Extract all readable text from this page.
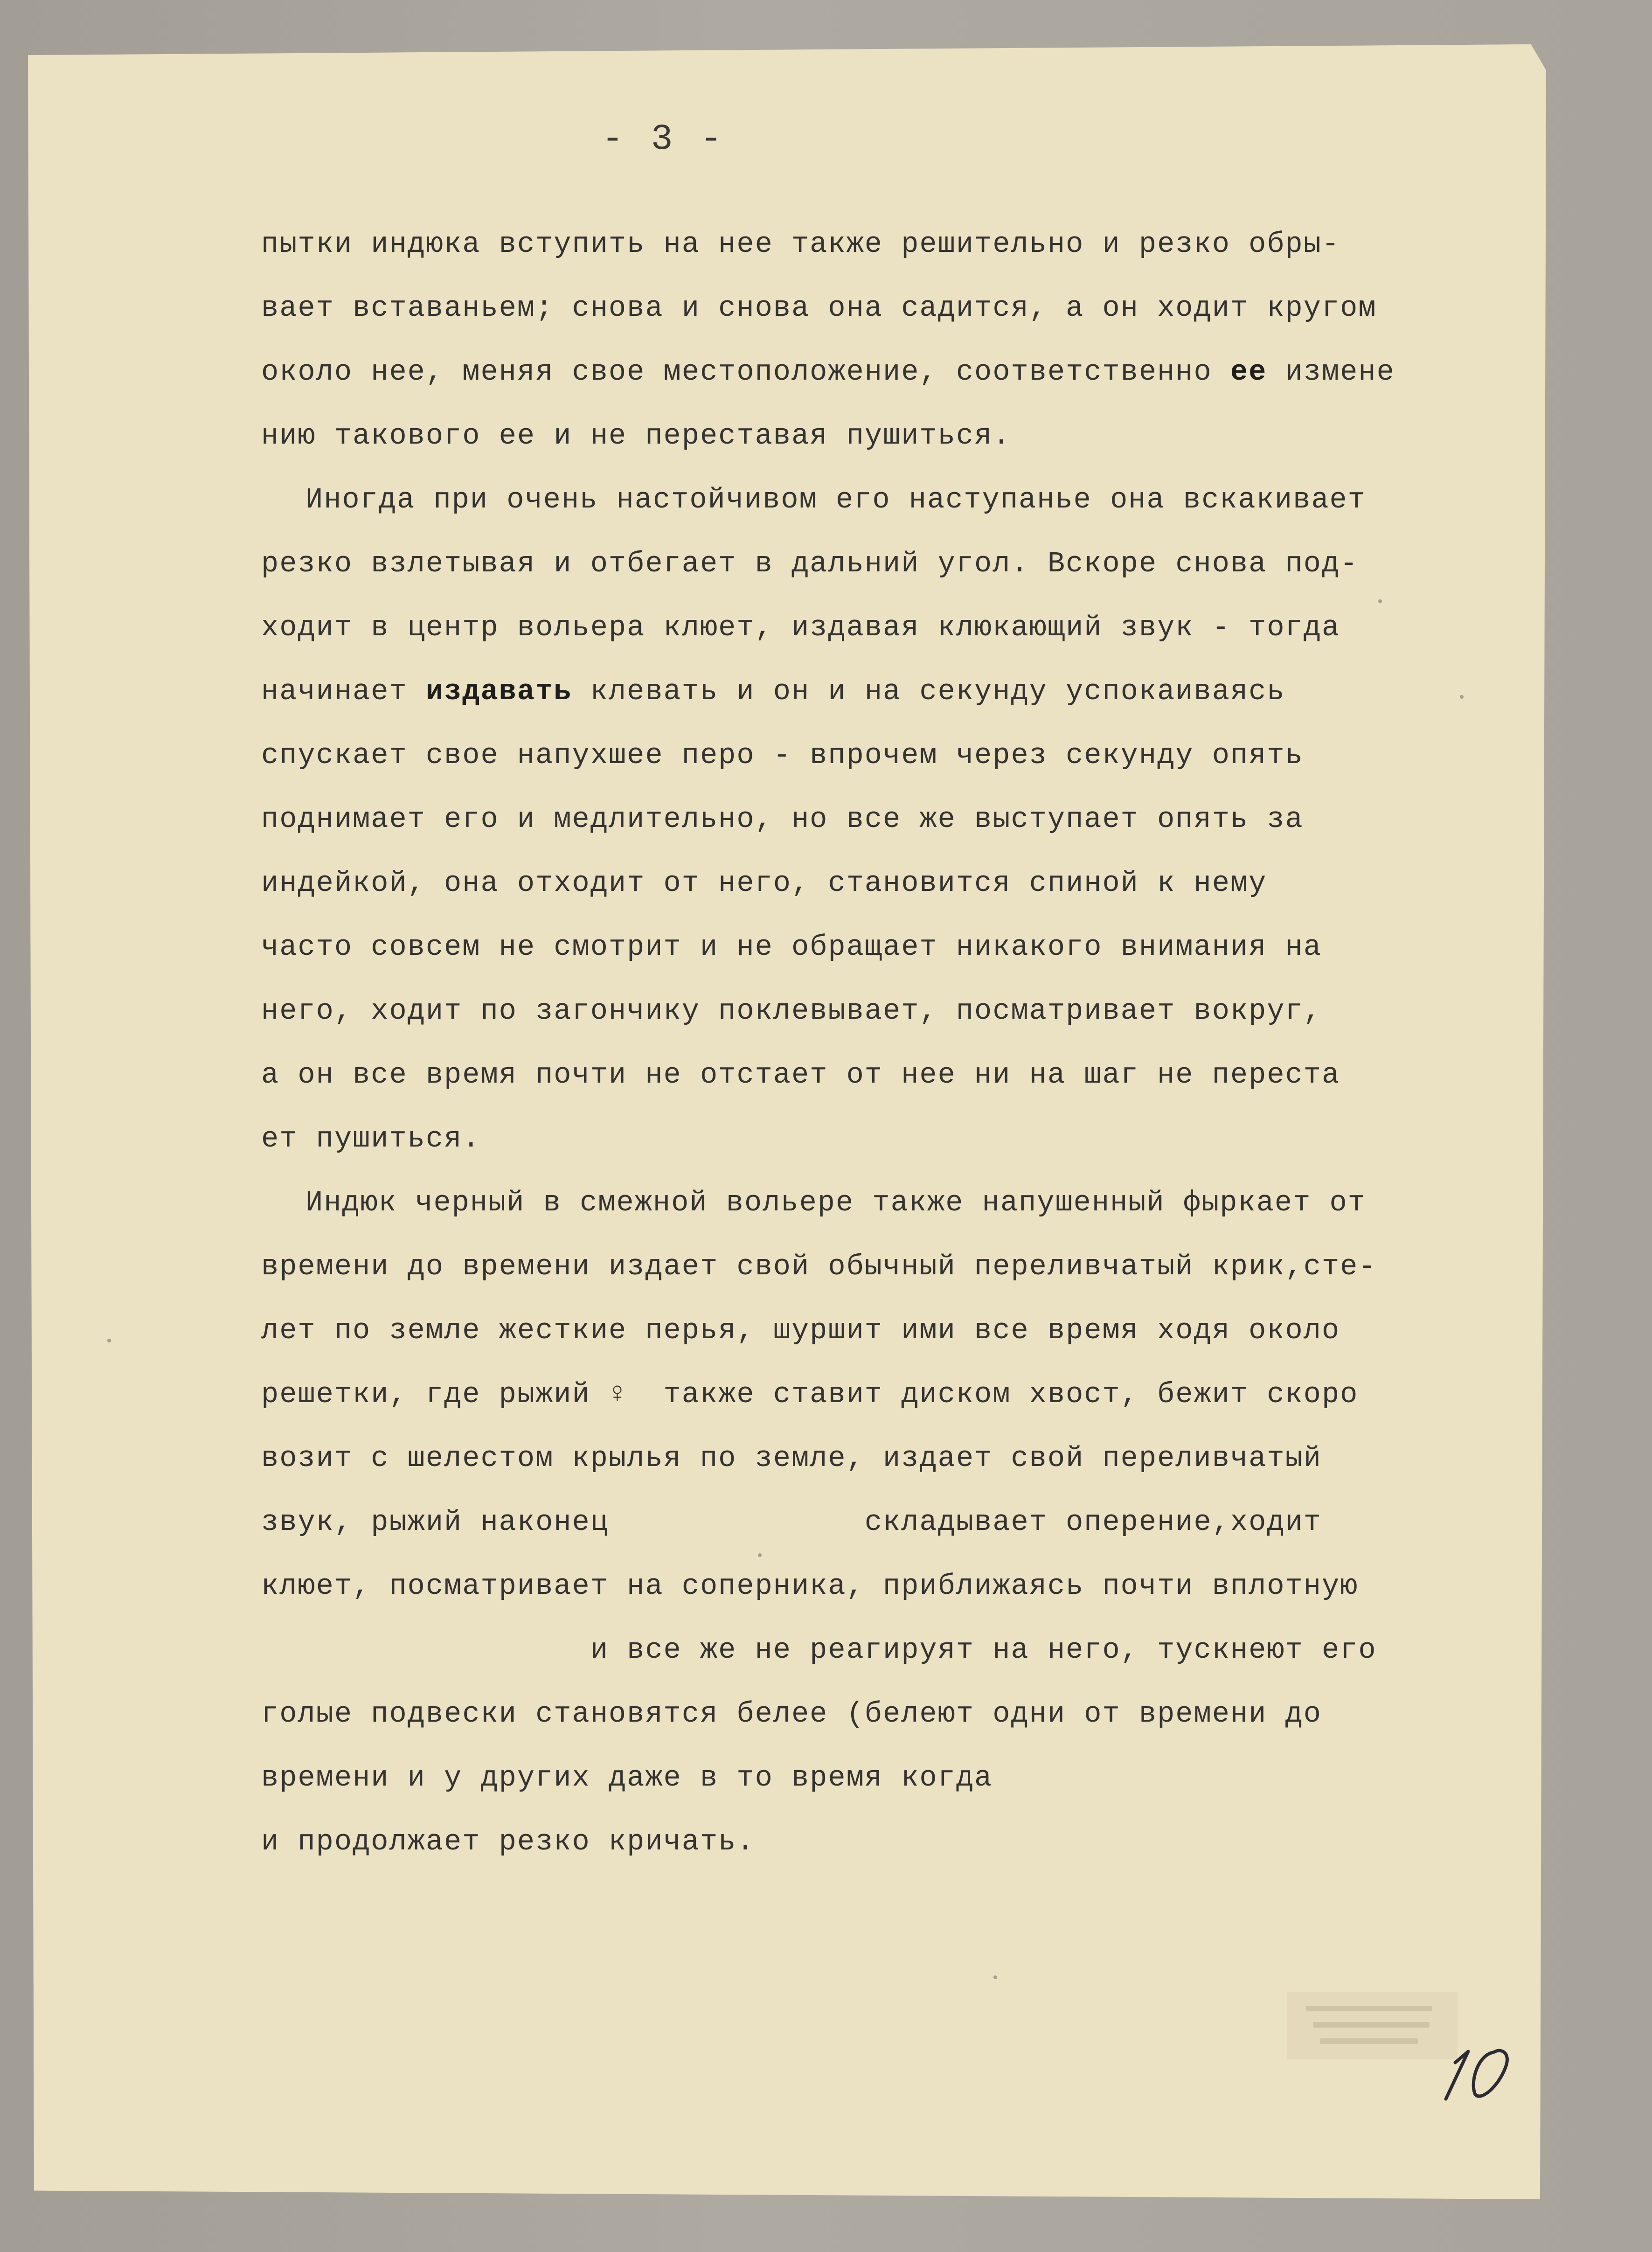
- 3 -
пытки индюка вступить на нее также решительно и резко обры-
вает вставаньем; снова и снова она садится, а он ходит кругом
около нее, меняя свое местоположение, соответственно ее измене
нию такового ее и не переставая пушиться.
Иногда при очень настойчивом его наступанье она вскакивает
резко взлетывая и отбегает в дальний угол. Вскоре снова под-
ходит в центр вольера клюет, издавая клюкающий звук - тогда
начинает издавать клевать и он и на секунду успокаиваясь
спускает свое напухшее перо - впрочем через секунду опять
поднимает его и медлительно, но все же выступает опять за
индейкой, она отходит от него, становится спиной к нему
часто совсем не смотрит и не обращает никакого внимания на
него, ходит по загончику поклевывает, посматривает вокруг,
а он все время почти не отстает от нее ни на шаг не переста
ет пушиться.
Индюк черный в смежной вольере также напушенный фыркает от
времени до времени издает свой обычный переливчатый крик,сте-
лет по земле жесткие перья, шуршит ими все время ходя около
решетки, где рыжий ♀  также ставит диском хвост, бежит скоро
возит с шелестом крылья по земле, издает свой переливчатый
звук, рыжий наконец              складывает оперение,ходит
клюет, посматривает на соперника, приближаясь почти вплотную
и все же не реагируят на него, тускнеют его
голые подвески становятся белее (белеют одни от времени до
времени и у других даже в то время когда
и продолжает резко кричать.
